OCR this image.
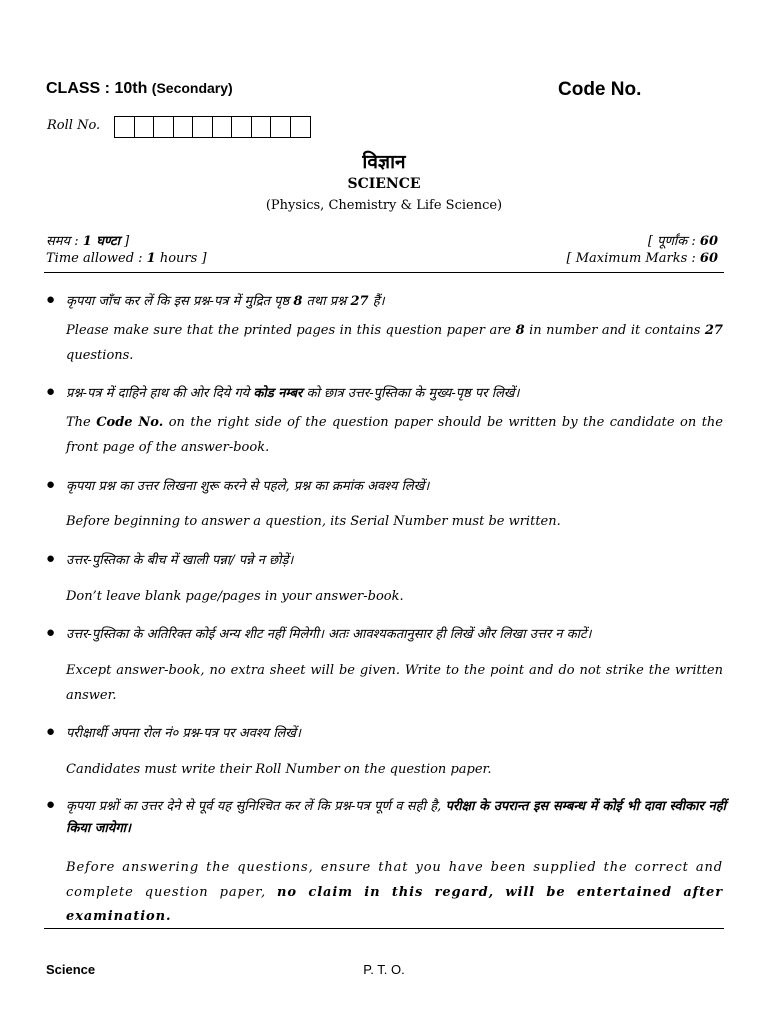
CLASS : 10th (Secondary)	Code No.
Roll No.
विज्ञान
SCIENCE
(Physics, Chemistry & Life Science)
समय : 1 घण्टा ]
Time allowed : 1 hours ]
[ पूर्णांक : 60
[ Maximum Marks : 60
● कृपया जाँच कर लें कि इस प्रश्न-पत्र में मुद्रित पृष्ठ 8 तथा प्रश्न 27 हैं।
Please make sure that the printed pages in this question paper are 8 in number and it contains 27 questions.
● प्रश्न-पत्र में दाहिने हाथ की ओर दिये गये कोड नम्बर को छात्र उत्तर-पुस्तिका के मुख्य-पृष्ठ पर लिखें।
The Code No. on the right side of the question paper should be written by the candidate on the front page of the answer-book.
● कृपया प्रश्न का उत्तर लिखना शुरू करने से पहले, प्रश्न का क्रमांक अवश्य लिखें।
Before beginning to answer a question, its Serial Number must be written.
● उत्तर-पुस्तिका के बीच में खाली पन्ना/ पन्ने न छोड़ें।
Don’t leave blank page/pages in your answer-book.
● उत्तर-पुस्तिका के अतिरिक्त कोई अन्य शीट नहीं मिलेगी। अतः आवश्यकतानुसार ही लिखें और लिखा उत्तर न काटें।
Except answer-book, no extra sheet will be given. Write to the point and do not strike the written answer.
● परीक्षार्थी अपना रोल नं० प्रश्न-पत्र पर अवश्य लिखें।
Candidates must write their Roll Number on the question paper.
● कृपया प्रश्नों का उत्तर देने से पूर्व यह सुनिश्चित कर लें कि प्रश्न-पत्र पूर्ण व सही है, परीक्षा के उपरान्त इस सम्बन्ध में कोई भी दावा स्वीकार नहीं किया जायेगा।
Before answering the questions, ensure that you have been supplied the correct and complete question paper, no claim in this regard, will be entertained after examination.
Science	P. T. O.
